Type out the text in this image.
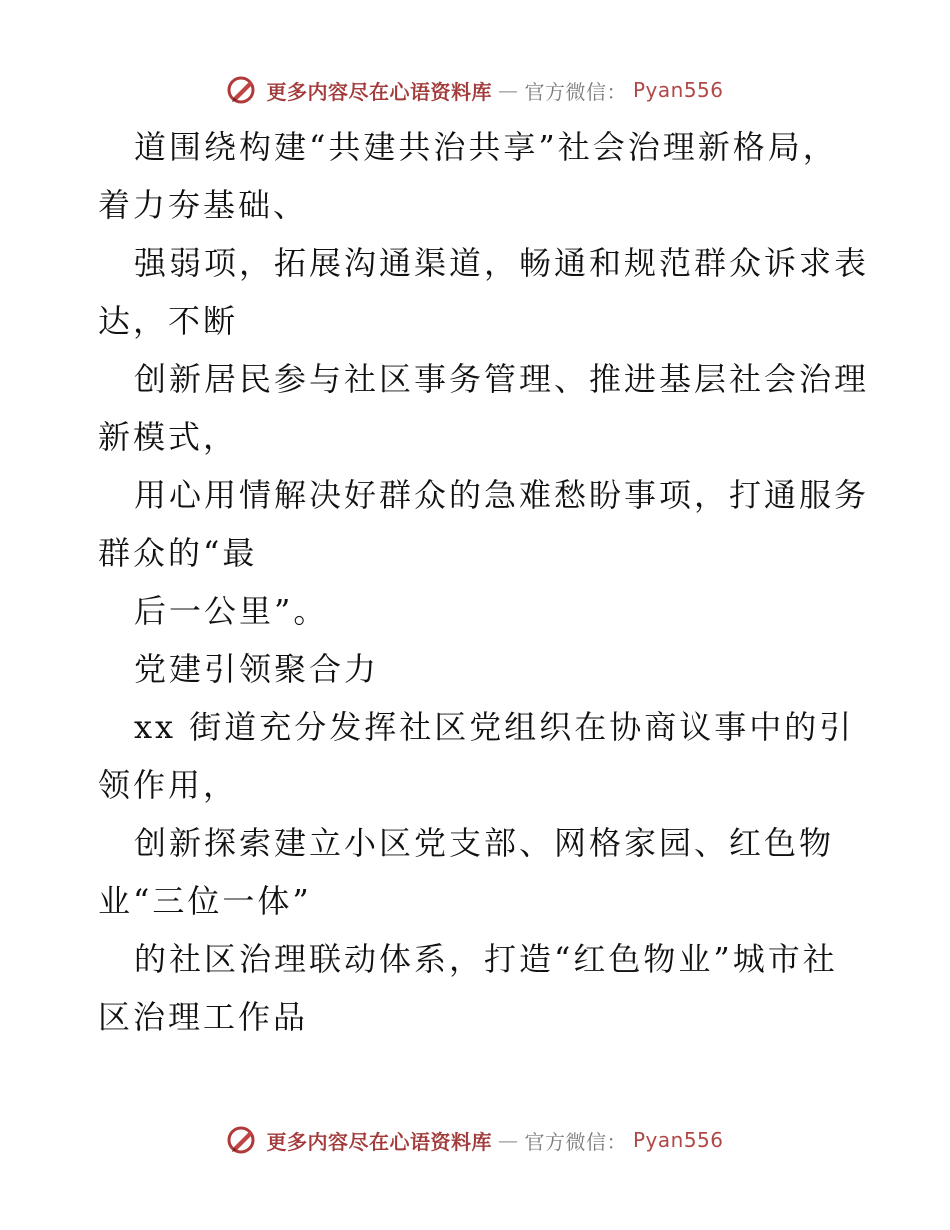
更多内容尽在心语资料库 — 官方微信： Pyan556
道围绕构建“共建共治共享”社会治理新格局，
着力夯基础、
强弱项，拓展沟通渠道，畅通和规范群众诉求表
达，不断
创新居民参与社区事务管理、推进基层社会治理
新模式，
用心用情解决好群众的急难愁盼事项，打通服务
群众的“最
后一公里”。
党建引领聚合力
xx 街道充分发挥社区党组织在协商议事中的引
领作用，
创新探索建立小区党支部、网格家园、红色物
业“三位一体”
的社区治理联动体系，打造“红色物业”城市社
区治理工作品
更多内容尽在心语资料库 — 官方微信： Pyan556
